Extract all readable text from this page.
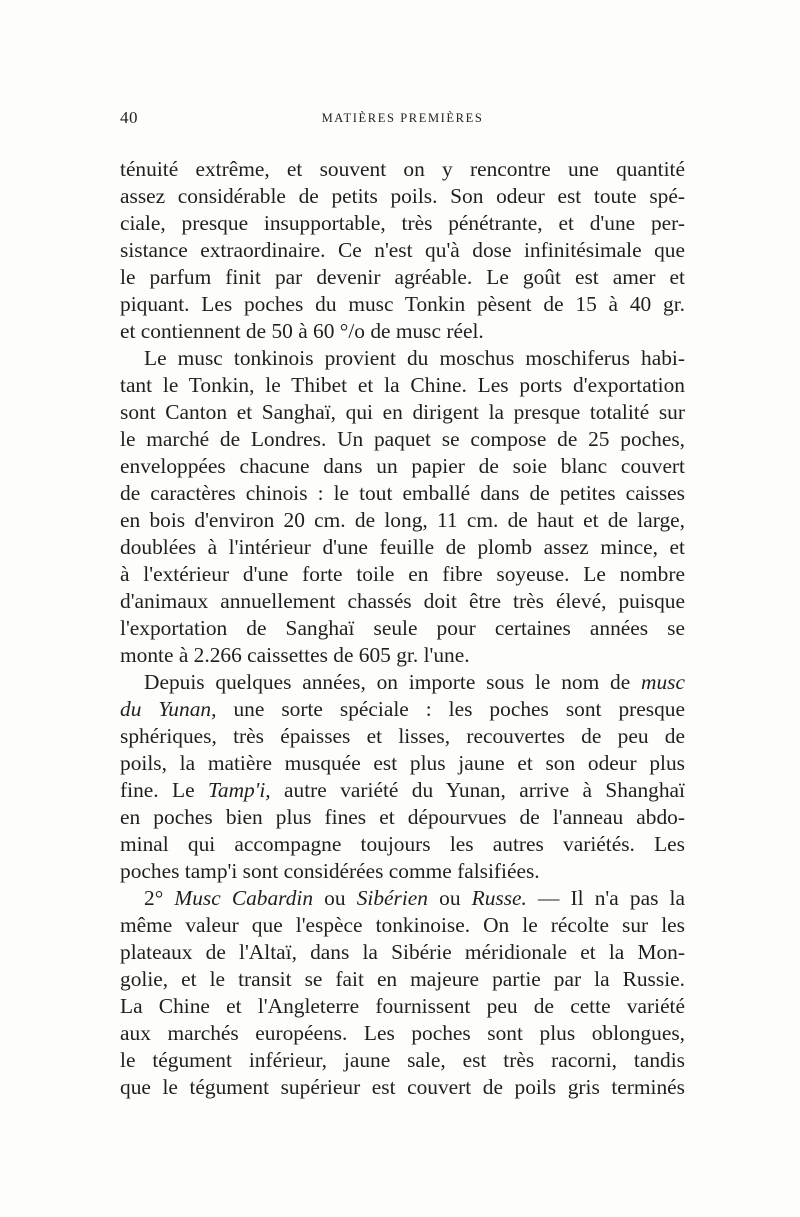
40	MATIÈRES PREMIÈRES
ténuité extrême, et souvent on y rencontre une quantité
assez considérable de petits poils. Son odeur est toute spé-
ciale, presque insupportable, très pénétrante, et d'une per-
sistance extraordinaire. Ce n'est qu'à dose infinitésimale que
le parfum finit par devenir agréable. Le goût est amer et
piquant. Les poches du musc Tonkin pèsent de 15 à 40 gr.
et contiennent de 50 à 60 °/o de musc réel.
Le musc tonkinois provient du moschus moschiferus habi-
tant le Tonkin, le Thibet et la Chine. Les ports d'exportation
sont Canton et Sanghaï, qui en dirigent la presque totalité sur
le marché de Londres. Un paquet se compose de 25 poches,
enveloppées chacune dans un papier de soie blanc couvert
de caractères chinois : le tout emballé dans de petites caisses
en bois d'environ 20 cm. de long, 11 cm. de haut et de large,
doublées à l'intérieur d'une feuille de plomb assez mince, et
à l'extérieur d'une forte toile en fibre soyeuse. Le nombre
d'animaux annuellement chassés doit être très élevé, puisque
l'exportation de Sanghaï seule pour certaines années se
monte à 2.266 caissettes de 605 gr. l'une.
Depuis quelques années, on importe sous le nom de musc
du Yunan, une sorte spéciale : les poches sont presque
sphériques, très épaisses et lisses, recouvertes de peu de
poils, la matière musquée est plus jaune et son odeur plus
fine. Le Tamp'i, autre variété du Yunan, arrive à Shanghaï
en poches bien plus fines et dépourvues de l'anneau abdo-
minal qui accompagne toujours les autres variétés. Les
poches tamp'i sont considérées comme falsifiées.
2° Musc Cabardin ou Sibérien ou Russe. — Il n'a pas la
même valeur que l'espèce tonkinoise. On le récolte sur les
plateaux de l'Altaï, dans la Sibérie méridionale et la Mon-
golie, et le transit se fait en majeure partie par la Russie.
La Chine et l'Angleterre fournissent peu de cette variété
aux marchés européens. Les poches sont plus oblongues,
le tégument inférieur, jaune sale, est très racorni, tandis
que le tégument supérieur est couvert de poils gris terminés
